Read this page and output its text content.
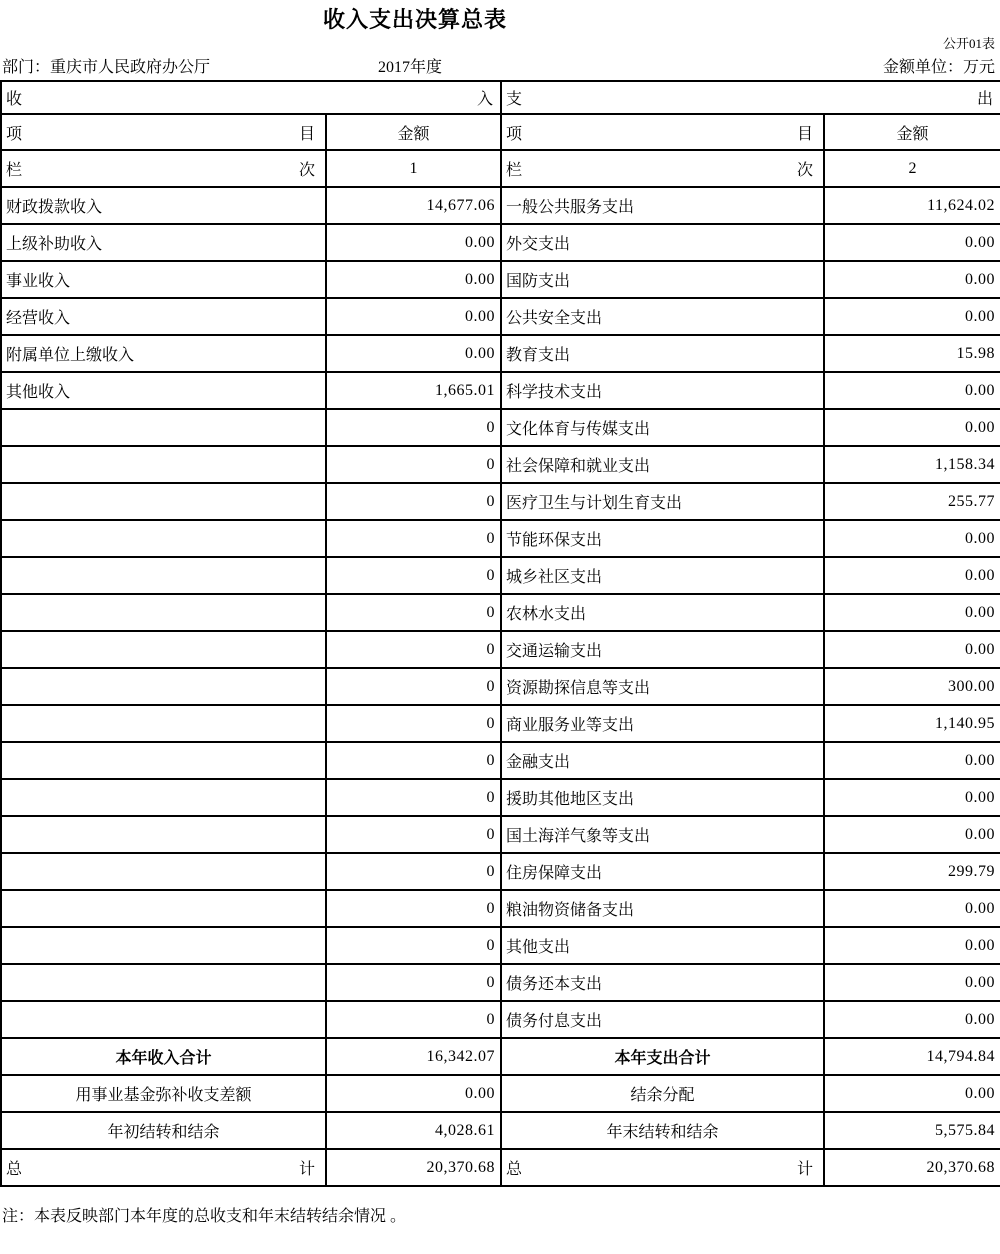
收入支出决算总表
公开01表
部门：重庆市人民政府办公厅	2017年度	金额单位：万元
收 入		支 出	

项 目	金额	项 目	金额

栏 次	1	栏 次	2
财政拨款收入	14,677.06	一般公共服务支出	11,624.02
上级补助收入	0.00	外交支出	0.00
事业收入	0.00	国防支出	0.00
经营收入	0.00	公共安全支出	0.00
附属单位上缴收入	0.00	教育支出	15.98
其他收入	1,665.01	科学技术支出	0.00
	0	文化体育与传媒支出	0.00
	0	社会保障和就业支出	1,158.34
	0	医疗卫生与计划生育支出	255.77
	0	节能环保支出	0.00
	0	城乡社区支出	0.00
	0	农林水支出	0.00
	0	交通运输支出	0.00
	0	资源勘探信息等支出	300.00
	0	商业服务业等支出	1,140.95
	0	金融支出	0.00
	0	援助其他地区支出	0.00
	0	国土海洋气象等支出	0.00
	0	住房保障支出	299.79
	0	粮油物资储备支出	0.00
	0	其他支出	0.00
	0	债务还本支出	0.00
	0	债务付息支出	0.00
本年收入合计	16,342.07	本年支出合计	14,794.84
用事业基金弥补收支差额	0.00	结余分配	0.00
年初结转和结余	4,028.61	年末结转和结余	5,575.84

总 计	20,370.68	总 计	20,370.68
注：本表反映部门本年度的总收支和年末结转结余情况 。
